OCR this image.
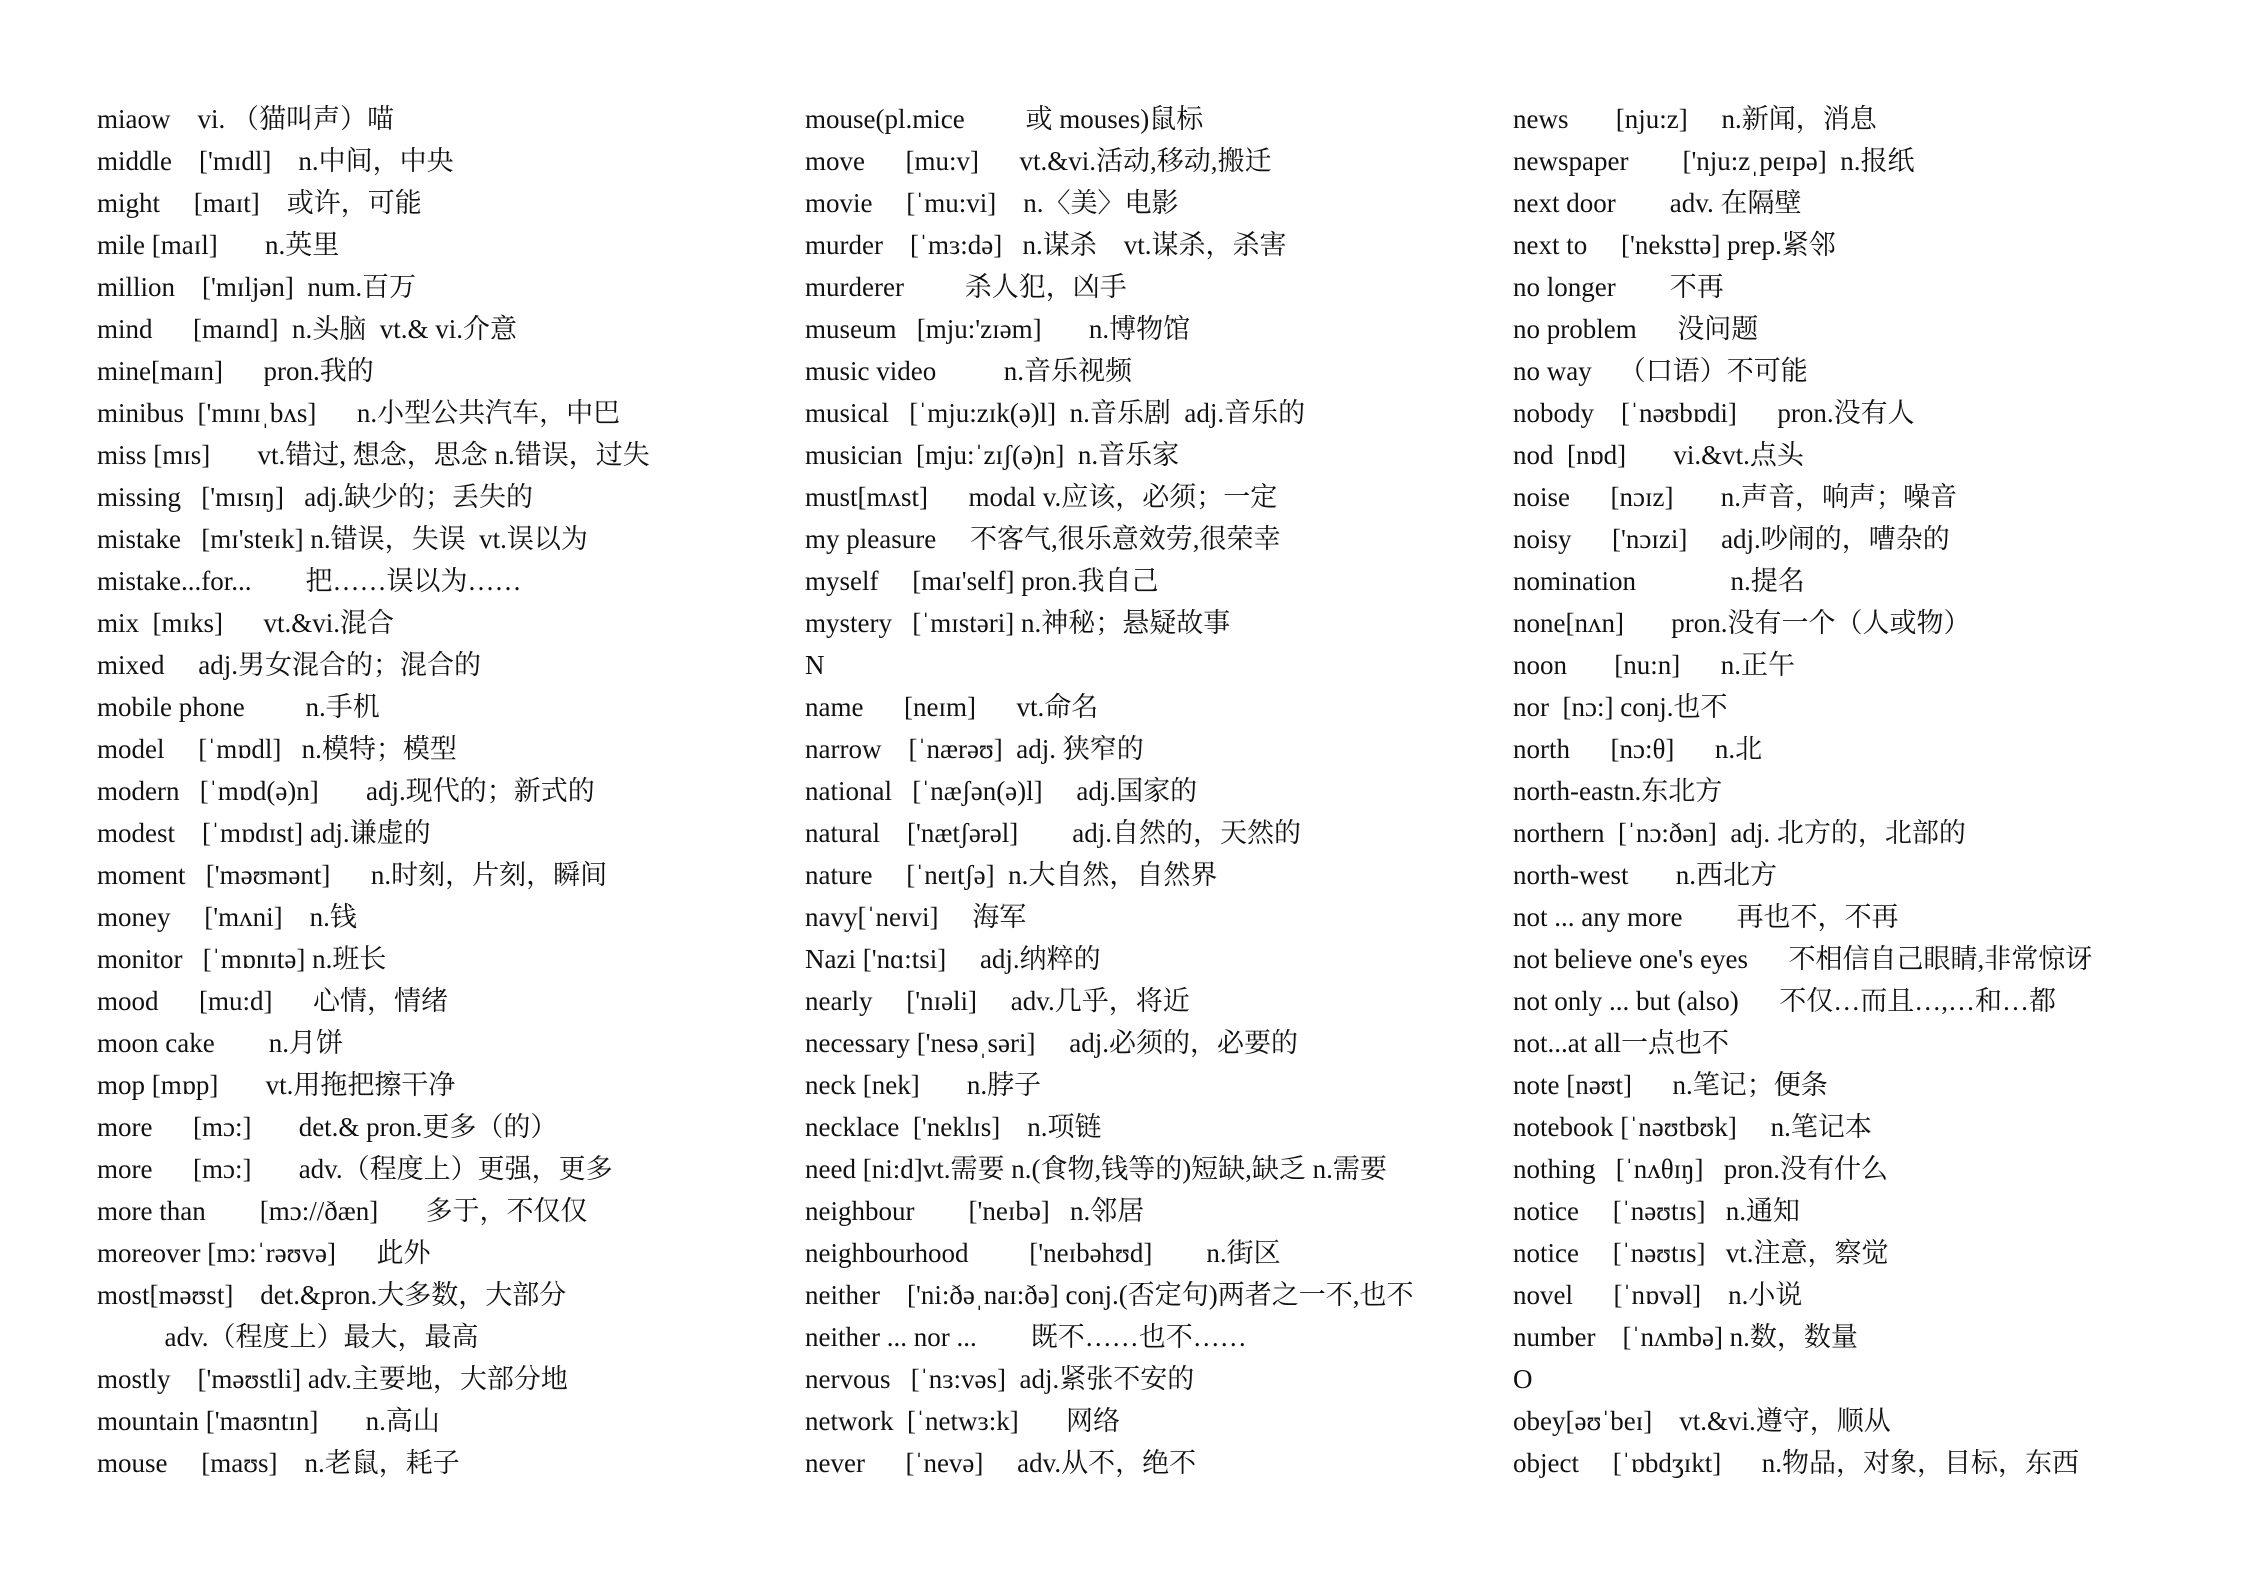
miaow    vi. （猫叫声）喵
middle    ['mɪdl]    n.中间，中央
might     [maɪt]    或许，可能
mile [maɪl]       n.英里
million    ['mɪljən]  num.百万
mind      [maɪnd]  n.头脑  vt.& vi.介意
mine[maɪn]      pron.我的
minibus  ['mɪnɪˌbʌs]      n.小型公共汽车，中巴
miss [mɪs]       vt.错过, 想念，思念 n.错误，过失
missing   ['mɪsɪŋ]   adj.缺少的；丢失的
mistake   [mɪ'steɪk] n.错误，失误  vt.误以为
mistake...for...        把……误以为……
mix  [mɪks]      vt.&vi.混合
mixed     adj.男女混合的；混合的
mobile phone         n.手机
model     [ˈmɒdl]   n.模特；模型
modern   [ˈmɒd(ə)n]       adj.现代的；新式的
modest    [ˈmɒdɪst] adj.谦虚的
moment   ['məʊmənt]      n.时刻，片刻，瞬间
money     ['mʌni]    n.钱
monitor   [ˈmɒnɪtə] n.班长
mood      [mu:d]      心情，情绪
moon cake        n.月饼
mop [mɒp]       vt.用拖把擦干净
more      [mɔ:]       det.& pron.更多（的）
more      [mɔ:]       adv.（程度上）更强，更多
more than        [mɔ://ðæn]       多于，不仅仅
moreover [mɔ:ˈrəʊvə]      此外
most[məʊst]    det.&pron.大多数，大部分
adv.（程度上）最大，最高
mostly    ['məʊstli] adv.主要地，大部分地
mountain ['maʊntɪn]       n.高山
mouse     [maʊs]    n.老鼠，耗子
mouse(pl.mice         或 mouses)鼠标
move      [mu:v]      vt.&vi.活动,移动,搬迁
movie     [ˈmu:vi]    n.〈美〉电影
murder    [ˈmɜ:də]   n.谋杀    vt.谋杀，杀害
murderer         杀人犯，凶手
museum   [mju:'zɪəm]       n.博物馆
music video          n.音乐视频
musical   [ˈmju:zɪk(ə)l]  n.音乐剧  adj.音乐的
musician  [mju:ˈzɪʃ(ə)n]  n.音乐家
must[mʌst]      modal v.应该，必须；一定
my pleasure     不客气,很乐意效劳,很荣幸
myself     [maɪ'self] pron.我自己
mystery   [ˈmɪstəri] n.神秘；悬疑故事
N
name      [neɪm]      vt.命名
narrow    [ˈnærəʊ]  adj. 狭窄的
national   [ˈnæʃən(ə)l]     adj.国家的
natural    ['nætʃərəl]        adj.自然的，天然的
nature     [ˈneɪtʃə]  n.大自然，自然界
navy[ˈneɪvi]     海军
Nazi ['nɑ:tsi]     adj.纳粹的
nearly     ['nɪəli]     adv.几乎，将近
necessary ['nesəˌsəri]     adj.必须的，必要的
neck [nek]       n.脖子
necklace  ['neklɪs]    n.项链
need [ni:d]vt.需要 n.(食物,钱等的)短缺,缺乏 n.需要
neighbour        ['neɪbə]   n.邻居
neighbourhood         ['neɪbəhʊd]        n.街区
neither    ['ni:ðəˌnaɪ:ðə] conj.(否定句)两者之一不,也不
neither ... nor ...        既不……也不……
nervous   [ˈnɜ:vəs]  adj.紧张不安的
network  [ˈnetwɜ:k]       网络
never      [ˈnevə]     adv.从不，绝不
news       [nju:z]     n.新闻，消息
newspaper        ['nju:zˌpeɪpə]  n.报纸
next door        adv. 在隔壁
next to     ['neksttə] prep.紧邻
no longer        不再
no problem      没问题
no way    （口语）不可能
nobody    [ˈnəʊbɒdi]      pron.没有人
nod  [nɒd]       vi.&vt.点头
noise      [nɔɪz]       n.声音，响声；噪音
noisy      ['nɔɪzi]     adj.吵闹的，嘈杂的
nomination              n.提名
none[nʌn]       pron.没有一个（人或物）
noon       [nu:n]      n.正午
nor  [nɔ:] conj.也不
north      [nɔ:θ]      n.北
north-eastn.东北方
northern  [ˈnɔ:ðən]  adj. 北方的，北部的
north-west       n.西北方
not ... any more        再也不，不再
not believe one's eyes      不相信自己眼睛,非常惊讶
not only ... but (also)      不仅…而且…,…和…都
not...at all一点也不
note [nəʊt]      n.笔记；便条
notebook [ˈnəʊtbʊk]     n.笔记本
nothing   [ˈnʌθɪŋ]   pron.没有什么
notice     [ˈnəʊtɪs]   n.通知
notice     [ˈnəʊtɪs]   vt.注意，察觉
novel      [ˈnɒvəl]    n.小说
number    [ˈnʌmbə] n.数，数量
O
obey[əʊˈbeɪ]    vt.&vi.遵守，顺从
object     [ˈɒbdʒɪkt]      n.物品，对象，目标，东西
